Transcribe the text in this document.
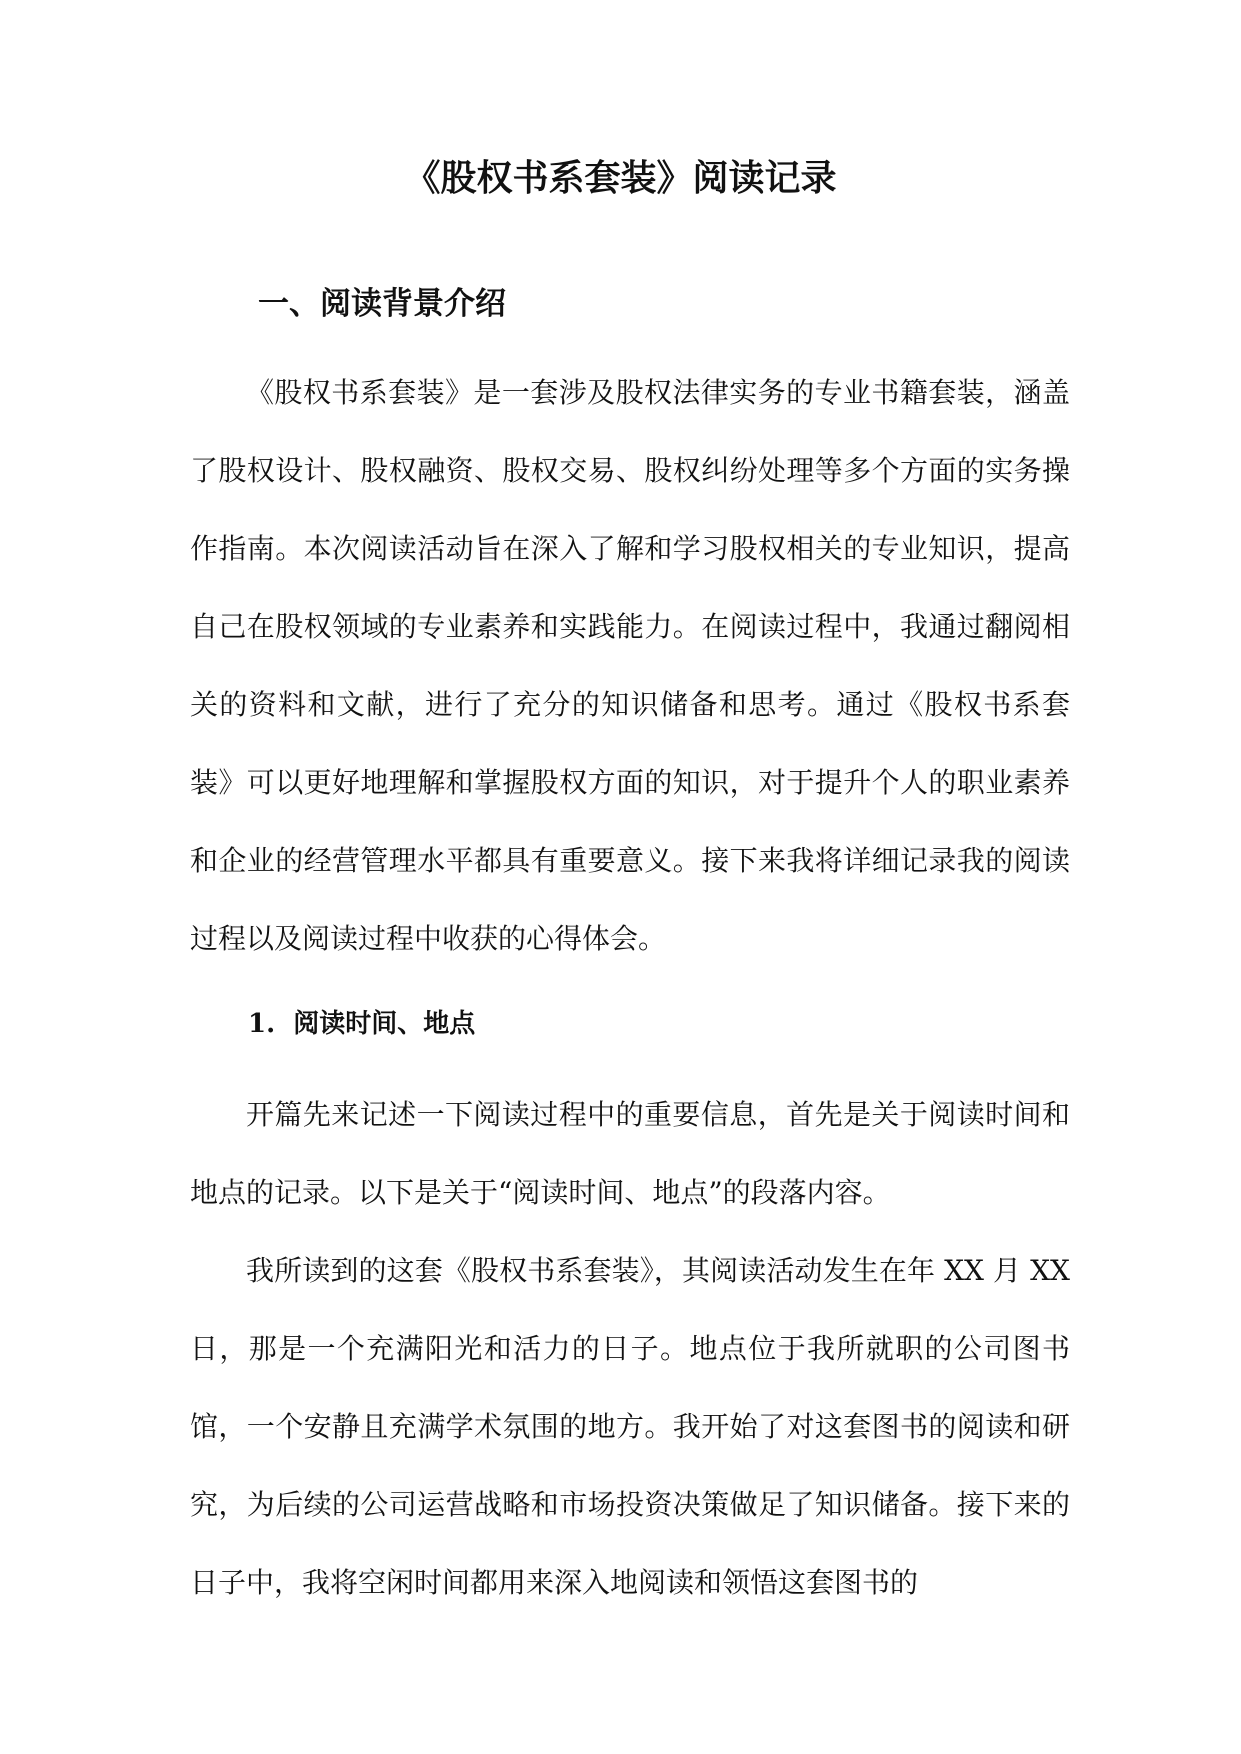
《股权书系套装》阅读记录
一、阅读背景介绍

《股权书系套装》是一套涉及股权法律实务的专业书籍套装，涵盖了股权设计、股权融资、股权交易、股权纠纷处理等多个方面的实务操作指南。本次阅读活动旨在深入了解和学习股权相关的专业知识，提高自己在股权领域的专业素养和实践能力。在阅读过程中，我通过翻阅相关的资料和文献，进行了充分的知识储备和思考。通过《股权书系套装》可以更好地理解和掌握股权方面的知识，对于提升个人的职业素养和企业的经营管理水平都具有重要意义。接下来我将详细记录我的阅读过程以及阅读过程中收获的心得体会。

1.  阅读时间、地点

开篇先来记述一下阅读过程中的重要信息，首先是关于阅读时间和地点的记录。以下是关于“阅读时间、地点”的段落内容。

我所读到的这套《股权书系套装》，其阅读活动发生在年 XX 月 XX 日，那是一个充满阳光和活力的日子。地点位于我所就职的公司图书馆，一个安静且充满学术氛围的地方。我开始了对这套图书的阅读和研究，为后续的公司运营战略和市场投资决策做足了知识储备。接下来的日子中，我将空闲时间都用来深入地阅读和领悟这套图书的
